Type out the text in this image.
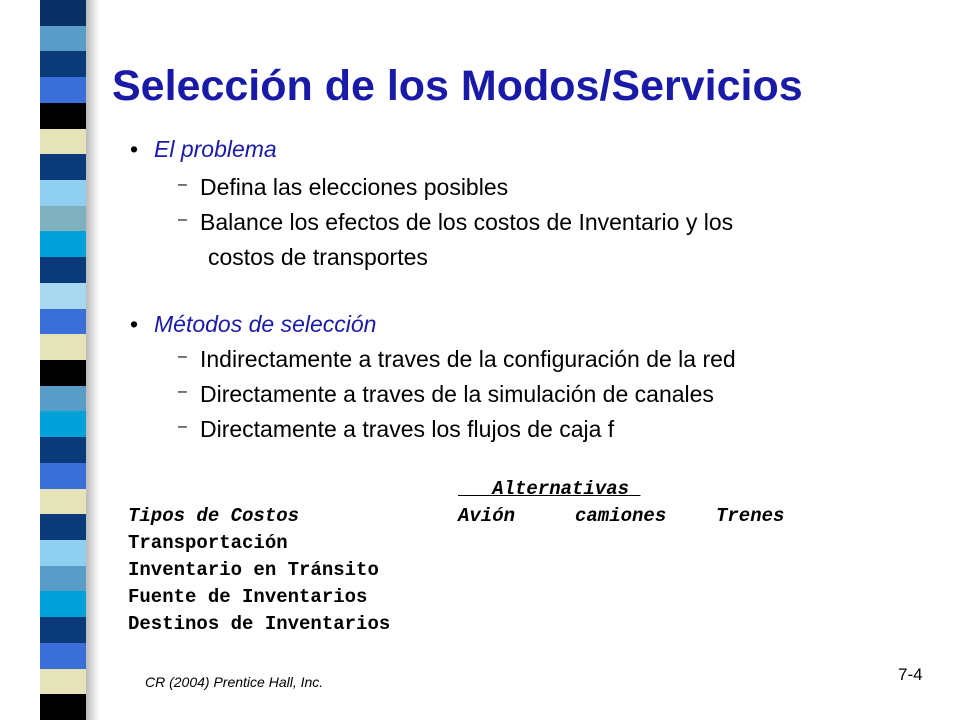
Selección de los Modos/Servicios
• El problema
– Defina las elecciones posibles
– Balance los efectos de los costos de Inventario y los
costos de transportes
• Métodos de selección
– Indirectamente a traves de la configuración de la red
– Directamente a traves de la simulación de canales
– Directamente a traves los flujos de caja f
Alternativas
Tipos de Costos	Avión	camiones	Trenes
Transportación
Inventario en Tránsito
Fuente de Inventarios
Destinos de Inventarios
CR (2004) Prentice Hall, Inc.	7-4
